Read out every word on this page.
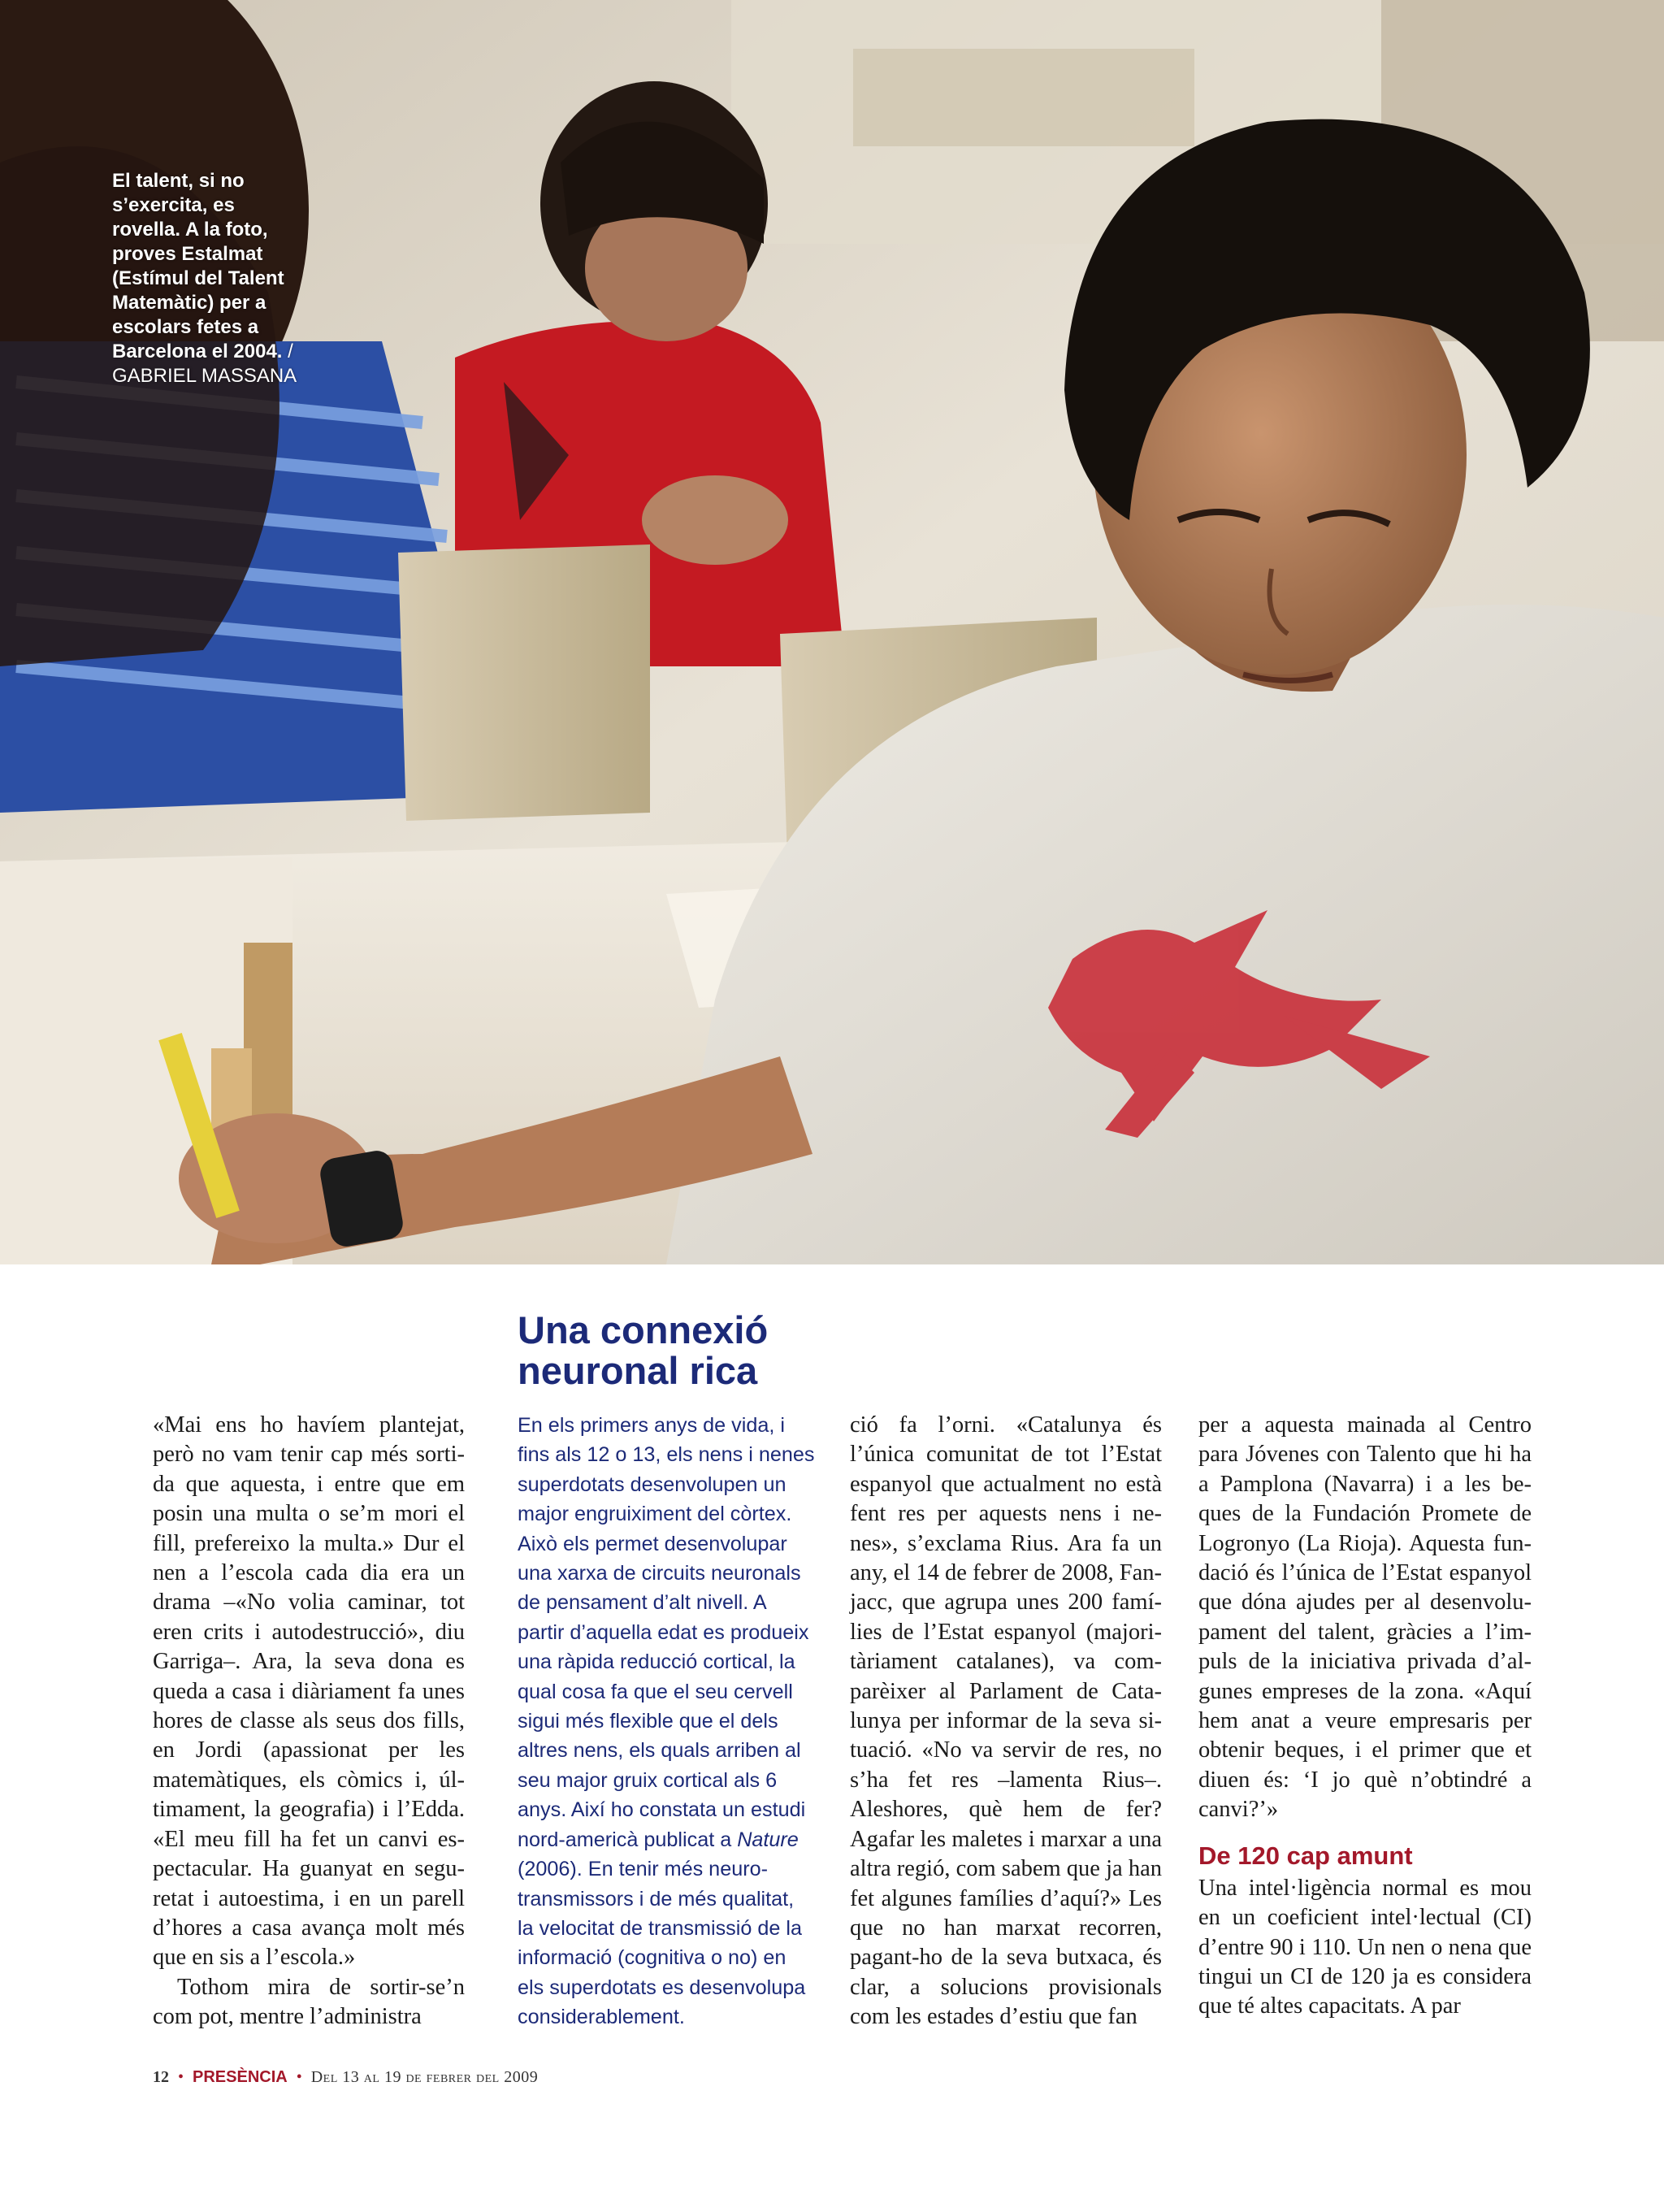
El talent, si no s’exercita, es rovella. A la foto, proves Estalmat (Estímul del Talent Matemàtic) per a escolars fetes a Barcelona el 2004. / GABRIEL MASSANA
Una connexió neuronal rica

«Mai ens ho havíem plantejat, però no vam tenir cap més sortida que aquesta, i entre que em posin una multa o se’m mori el fill, prefereixo la multa.» Dur el nen a l’escola cada dia era un drama –«No volia caminar, tot eren crits i autodestrucció», diu Garriga–. Ara, la seva dona es queda a casa i diàriament fa unes hores de classe als seus dos fills, en Jordi (apassionat per les matemàtiques, els còmics i, últimament, la geografia) i l’Edda. «El meu fill ha fet un canvi espectacular. Ha guanyat en seguretat i autoestima, i en un parell d’hores a casa avança molt més que en sis a l’escola.»

Tothom mira de sortir-se’n com pot, mentre l’administra

En els primers anys de vida, i fins als 12 o 13, els nens i nenes superdotats desenvolupen un major engruiximent del còrtex. Això els permet desenvolupar una xarxa de circuits neuronals de pensament d’alt nivell. A partir d’aquella edat es produeix una ràpida reducció cortical, la qual cosa fa que el seu cervell sigui més flexible que el dels altres nens, els quals arriben al seu major gruix cortical als 6 anys. Així ho constata un estudi nord-americà publicat a Nature (2006). En tenir més neurotransmissors i de més qualitat, la velocitat de transmissió de la informació (cognitiva o no) en els superdotats es desenvolupa considerablement.

ció fa l’orni. «Catalunya és l’única comunitat de tot l’Estat espanyol que actualment no està fent res per aquests nens i nenes», s’exclama Rius. Ara fa un any, el 14 de febrer de 2008, Fanjacc, que agrupa unes 200 famílies de l’Estat espanyol (majoritàriament catalanes), va comparèixer al Parlament de Catalunya per informar de la seva situació. «No va servir de res, no s’ha fet res –lamenta Rius–. Aleshores, què hem de fer? Agafar les maletes i marxar a una altra regió, com sabem que ja han fet algunes famílies d’aquí?» Les que no han marxat recorren, pagant-ho de la seva butxaca, és clar, a solucions provisionals com les estades d’estiu que fan

per a aquesta mainada al Centro para Jóvenes con Talento que hi ha a Pamplona (Navarra) i a les beques de la Fundación Promete de Logronyo (La Rioja). Aquesta fundació és l’única de l’Estat espanyol que dóna ajudes per al desenvolupament del talent, gràcies a l’impuls de la iniciativa privada d’algunes empreses de la zona. «Aquí hem anat a veure empresaris per obtenir beques, i el primer que et diuen és: ‘I jo què n’obtindré a canvi?’»

De 120 cap amunt

Una intel·ligència normal es mou en un coeficient intel·lectual (CI) d’entre 90 i 110. Un nen o nena que tingui un CI de 120 ja es considera que té altes capacitats. A par

12 • PRESÈNCIA • Del 13 al 19 de febrer del 2009
